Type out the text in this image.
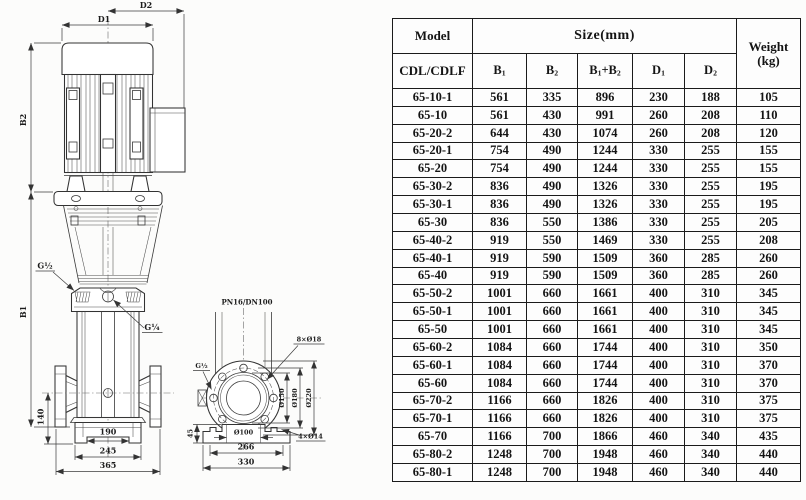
D1
D2
B2
B1
G½
G¼
140
190
245
365
PN16/DN100
8×Ø18
G½
Ø150 Ø180 Ø220
Ø100
45
266
330
4×Ø14
Model	Size(mm)					Weight
(kg)
CDL/CDLF	$B_1$	$B_2$	$B_1+B_2$	$D_1$	$D_2$
65-10-1	561	335	896	230	188	105
65-10	561	430	991	260	208	110
65-20-2	644	430	1074	260	208	120
65-20-1	754	490	1244	330	255	155
65-20	754	490	1244	330	255	155
65-30-2	836	490	1326	330	255	195
65-30-1	836	490	1326	330	255	195
65-30	836	550	1386	330	255	205
65-40-2	919	550	1469	330	255	208
65-40-1	919	590	1509	360	285	260
65-40	919	590	1509	360	285	260
65-50-2	1001	660	1661	400	310	345
65-50-1	1001	660	1661	400	310	345
65-50	1001	660	1661	400	310	345
65-60-2	1084	660	1744	400	310	350
65-60-1	1084	660	1744	400	310	370
65-60	1084	660	1744	400	310	370
65-70-2	1166	660	1826	400	310	375
65-70-1	1166	660	1826	400	310	375
65-70	1166	700	1866	460	340	435
65-80-2	1248	700	1948	460	340	440
65-80-1	1248	700	1948	460	340	440
